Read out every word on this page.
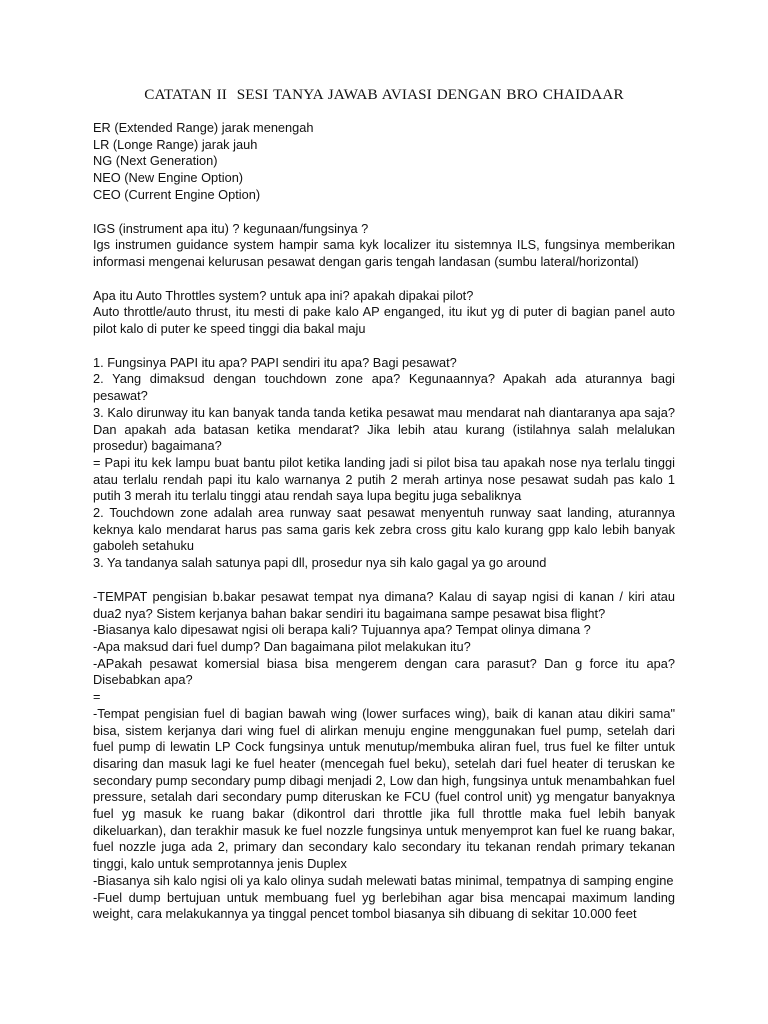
CATATAN II  SESI TANYA JAWAB AVIASI DENGAN BRO CHAIDAAR

ER (Extended Range) jarak menengah

LR (Longe Range) jarak jauh

NG (Next Generation)

NEO (New Engine Option)

CEO (Current Engine Option)

IGS (instrument apa itu) ? kegunaan/fungsinya ?

Igs instrumen guidance system hampir sama kyk localizer itu sistemnya ILS, fungsinya memberikan informasi mengenai kelurusan pesawat dengan garis tengah landasan (sumbu lateral/horizontal)

Apa itu Auto Throttles system? untuk apa ini? apakah dipakai pilot?

Auto throttle/auto thrust, itu mesti di pake kalo AP enganged, itu ikut yg di puter di bagian panel auto pilot kalo di puter ke speed tinggi dia bakal maju

1. Fungsinya PAPI itu apa? PAPI sendiri itu apa? Bagi pesawat?

2. Yang dimaksud dengan touchdown zone apa? Kegunaannya? Apakah ada aturannya bagi pesawat?

3. Kalo dirunway itu kan banyak tanda tanda ketika pesawat mau mendarat nah diantaranya apa saja? Dan apakah ada batasan ketika mendarat? Jika lebih atau kurang (istilahnya salah melalukan prosedur) bagaimana?

= Papi itu kek lampu buat bantu pilot ketika landing jadi si pilot bisa tau apakah nose nya terlalu tinggi atau terlalu rendah papi itu kalo warnanya 2 putih 2 merah artinya nose pesawat sudah pas kalo 1 putih 3 merah itu terlalu tinggi atau rendah saya lupa begitu juga sebaliknya

2. Touchdown zone adalah area runway saat pesawat menyentuh runway saat landing, aturannya keknya kalo mendarat harus pas sama garis kek zebra cross gitu kalo kurang gpp kalo lebih banyak gaboleh setahuku

3. Ya tandanya salah satunya papi dll, prosedur nya sih kalo gagal ya go around

-TEMPAT pengisian b.bakar pesawat tempat nya dimana? Kalau di sayap ngisi di kanan / kiri atau dua2 nya? Sistem kerjanya bahan bakar sendiri itu bagaimana sampe pesawat bisa flight?

-Biasanya kalo dipesawat ngisi oli berapa kali? Tujuannya apa? Tempat olinya dimana ?

-Apa maksud dari fuel dump? Dan bagaimana pilot melakukan itu?

-APakah pesawat komersial biasa bisa mengerem dengan cara parasut? Dan g force itu apa? Disebabkan apa?

=

-Tempat pengisian fuel di bagian bawah wing (lower surfaces wing), baik di kanan atau dikiri sama" bisa, sistem kerjanya dari wing fuel di alirkan menuju engine menggunakan fuel pump, setelah dari fuel pump di lewatin LP Cock fungsinya untuk menutup/membuka aliran fuel, trus fuel ke filter untuk disaring dan masuk lagi ke fuel heater (mencegah fuel beku), setelah dari fuel heater di teruskan ke secondary pump secondary pump dibagi menjadi 2, Low dan high, fungsinya untuk menambahkan fuel pressure, setalah dari secondary pump diteruskan ke FCU (fuel control unit) yg mengatur banyaknya fuel yg masuk ke ruang bakar (dikontrol dari throttle jika full throttle maka fuel lebih banyak dikeluarkan), dan terakhir masuk ke fuel nozzle fungsinya untuk menyemprot kan fuel ke ruang bakar, fuel nozzle juga ada 2, primary dan secondary kalo secondary itu tekanan rendah primary tekanan tinggi, kalo untuk semprotannya jenis Duplex

-Biasanya sih kalo ngisi oli ya kalo olinya sudah melewati batas minimal, tempatnya di samping engine

-Fuel dump bertujuan untuk membuang fuel yg berlebihan agar bisa mencapai maximum landing weight, cara melakukannya ya tinggal pencet tombol biasanya sih dibuang di sekitar 10.000 feet
